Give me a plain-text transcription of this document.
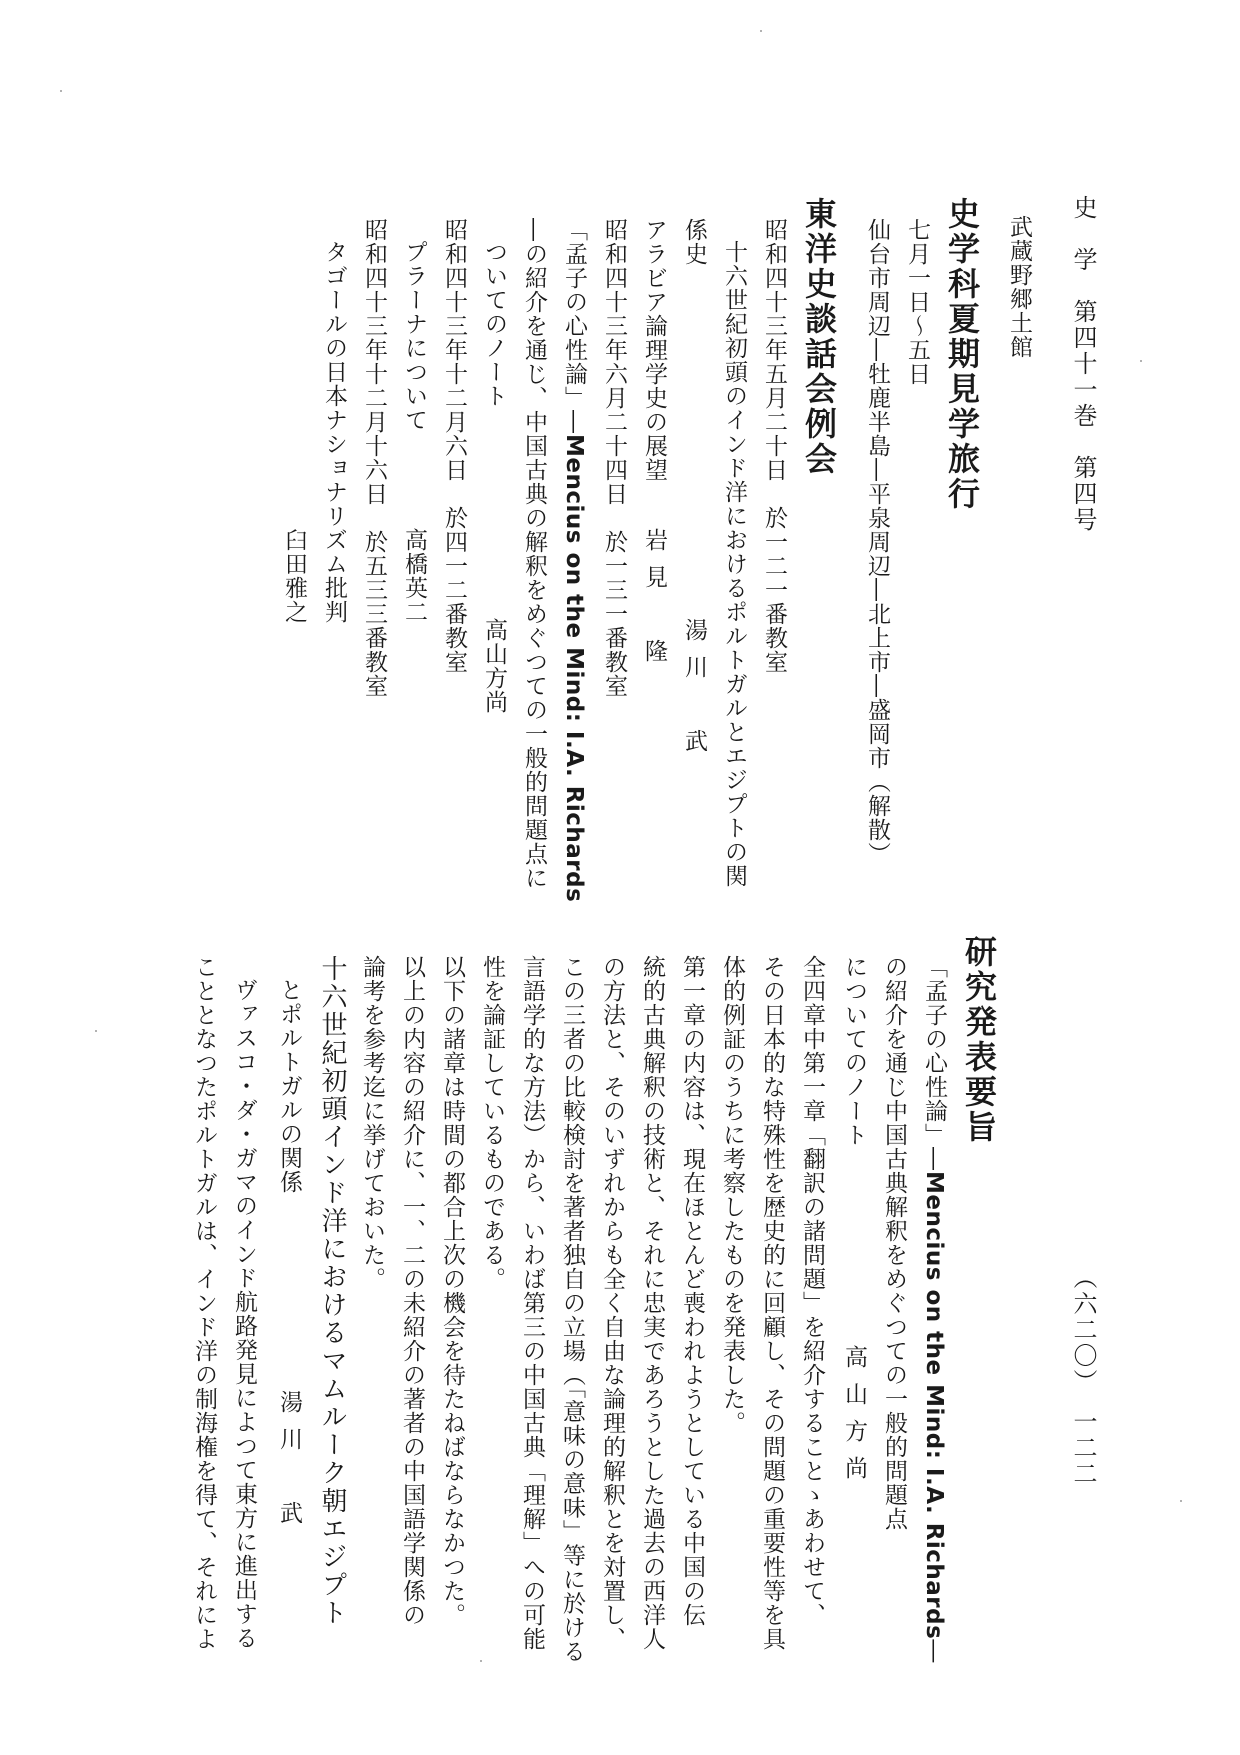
史　学　第四十一巻　第四号
（六二〇）　一二二
武蔵野郷土館
史学科夏期見学旅行
七月一日～五日
仙台市周辺―牡鹿半島―平泉周辺―北上市―盛岡市（解散）
東洋史談話会例会
昭和四十三年五月二十日　於一二一番教室
十六世紀初頭のインド洋におけるポルトガルとエジプトの関
係史
湯川　武
アラビア論理学史の展望
岩見　隆
昭和四十三年六月二十四日　於一三一番教室
「孟子の心性論」―Mencius on the Mind: I.A. Richards
―の紹介を通じ、中国古典の解釈をめぐつての一般的問題点に
ついてのノート
高山方尚
昭和四十三年十二月六日　於四一二番教室
プラーナについて
高橋英二
昭和四十三年十二月十六日　於五三三番教室
タゴールの日本ナショナリズム批判
臼田雅之
研究発表要旨
「孟子の心性論」―Mencius on the Mind: I.A. Richards―
の紹介を通じ中国古典解釈をめぐつての一般的問題点
についてのノート
高山方尚
全四章中第一章「翻訳の諸問題」を紹介することゝあわせて、
その日本的な特殊性を歴史的に回顧し、その問題の重要性等を具
体的例証のうちに考察したものを発表した。
第一章の内容は、現在ほとんど喪われようとしている中国の伝
統的古典解釈の技術と、それに忠実であろうとした過去の西洋人
の方法と、そのいずれからも全く自由な論理的解釈とを対置し、
この三者の比較検討を著者独自の立場（「意味の意味」等に於ける
言語学的な方法）から、いわば第三の中国古典「理解」への可能
性を論証しているものである。
以下の諸章は時間の都合上次の機会を待たねばならなかつた。
以上の内容の紹介に、一、二の未紹介の著者の中国語学関係の
論考を参考迄に挙げておいた。
十六世紀初頭インド洋におけるマムルーク朝エジプト
とポルトガルの関係
湯川　武
ヴァスコ・ダ・ガマのインド航路発見によつて東方に進出する
こととなつたポルトガルは、インド洋の制海権を得て、それによ
